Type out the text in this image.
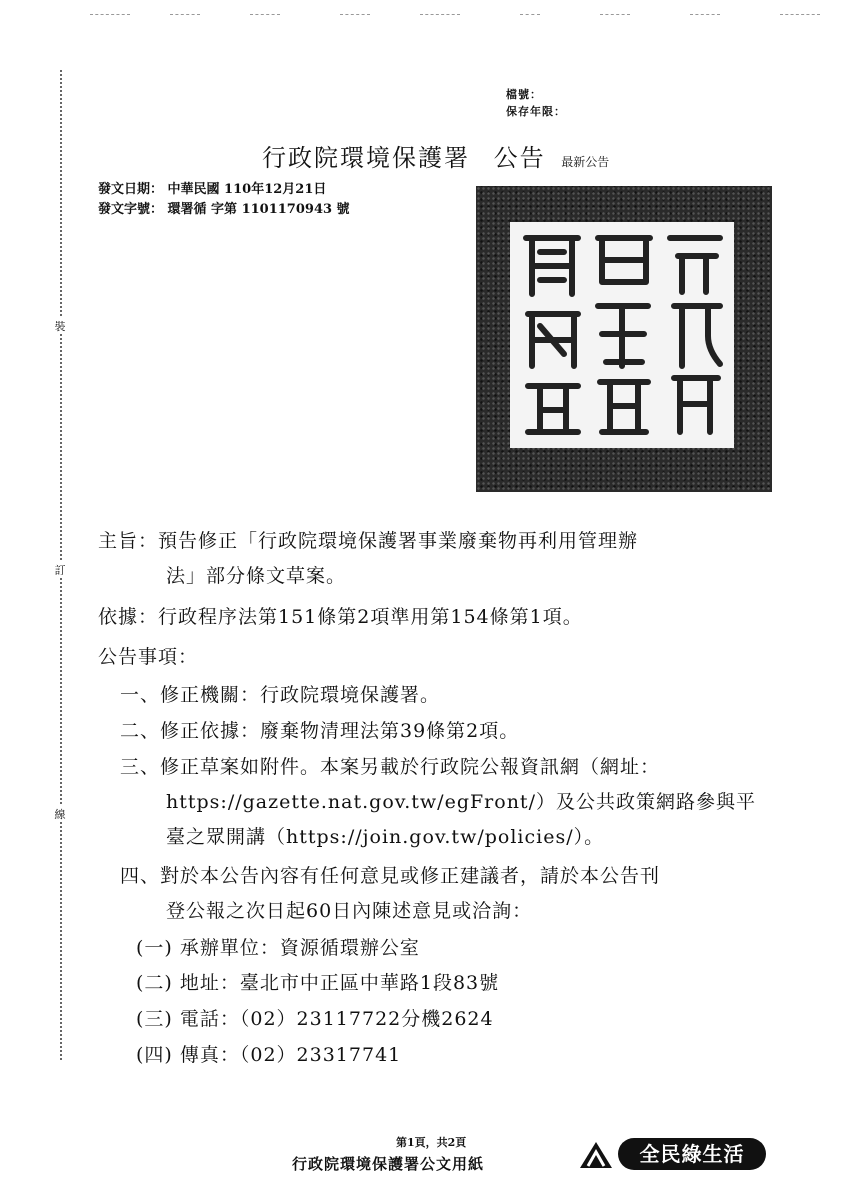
裝
訂
線
檔號：
保存年限：
行政院環境保護署 公告 最新公告
發文日期： 中華民國 110年12月21日
發文字號： 環署循 字第 1101170943 號
主旨：預告修正「行政院環境保護署事業廢棄物再利用管理辦
法」部分條文草案。
依據：行政程序法第151條第2項準用第154條第1項。
公告事項：
一、修正機關：行政院環境保護署。
二、修正依據：廢棄物清理法第39條第2項。
三、修正草案如附件。本案另載於行政院公報資訊網（網址：
https://gazette.nat.gov.tw/egFront/）及公共政策網路參與平
臺之眾開講（https://join.gov.tw/policies/）。
四、對於本公告內容有任何意見或修正建議者，請於本公告刊
登公報之次日起60日內陳述意見或洽詢：
(一) 承辦單位：資源循環辦公室
(二) 地址：臺北市中正區中華路1段83號
(三) 電話：（02）23117722分機2624
(四) 傳真：（02）23317741
第1頁，共2頁
行政院環境保護署公文用紙	全民綠生活
